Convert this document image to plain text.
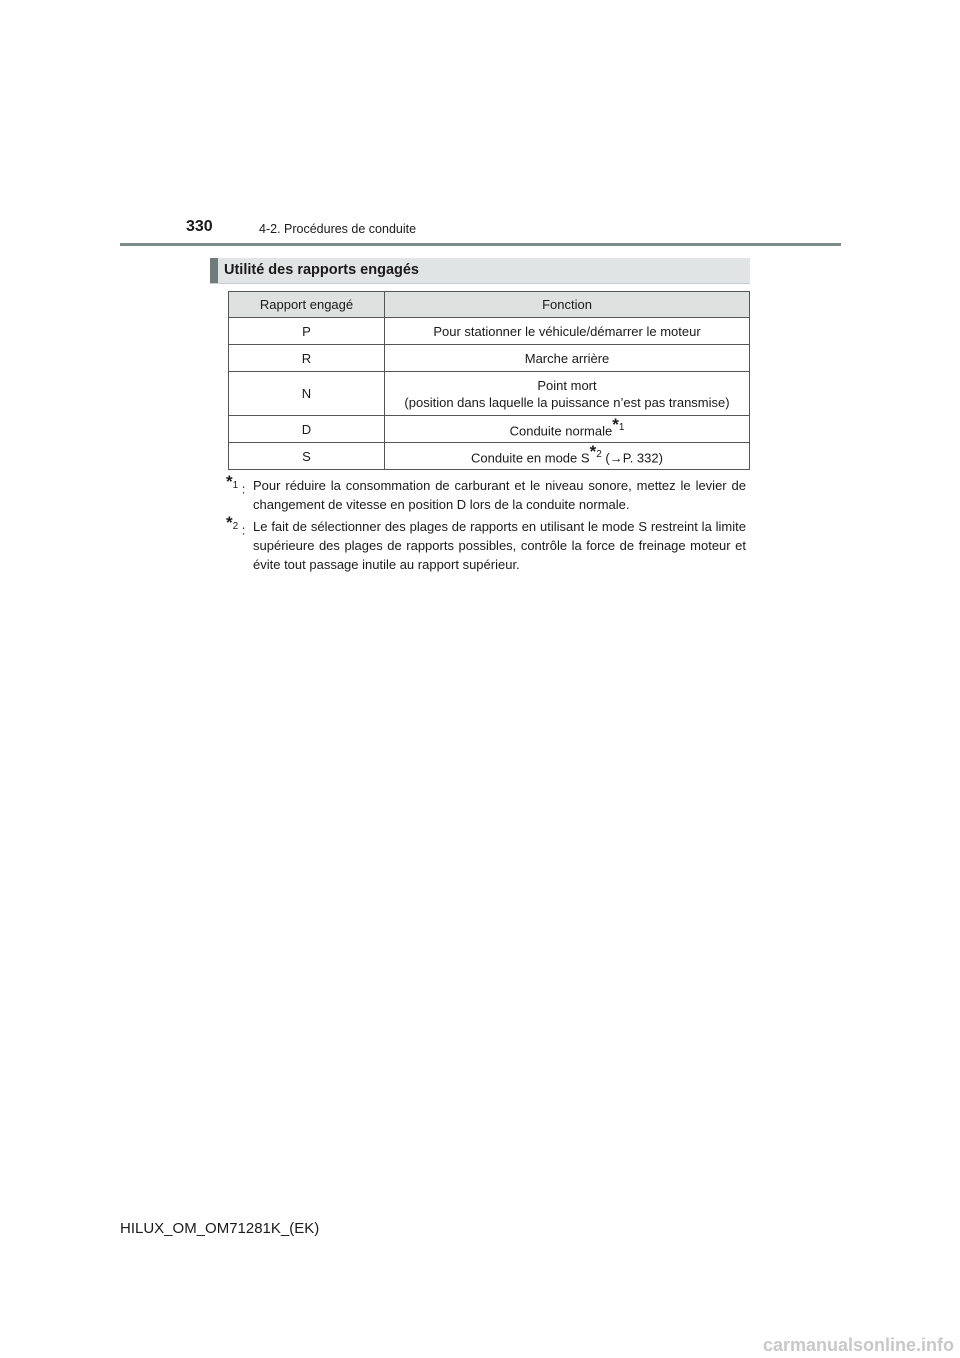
330	4-2. Procédures de conduite
Utilité des rapports engagés
Rapport engagé	Fonction
P	Pour stationner le véhicule/démarrer le moteur
R	Marche arrière
N	Point mort
(position dans laquelle la puissance n’est pas transmise)

D	Conduite normale*$^1$
S	Conduite en mode S*$^2$ (→P. 332)
*$^1$ : Pour réduire la consommation de carburant et le niveau sonore, mettez le levier de changement de vitesse en position D lors de la conduite normale.
*$^2$ : Le fait de sélectionner des plages de rapports en utilisant le mode S restreint la limite supérieure des plages de rapports possibles, contrôle la force de freinage moteur et évite tout passage inutile au rapport supérieur.
HILUX_OM_OM71281K_(EK)
carmanualsonline.info
